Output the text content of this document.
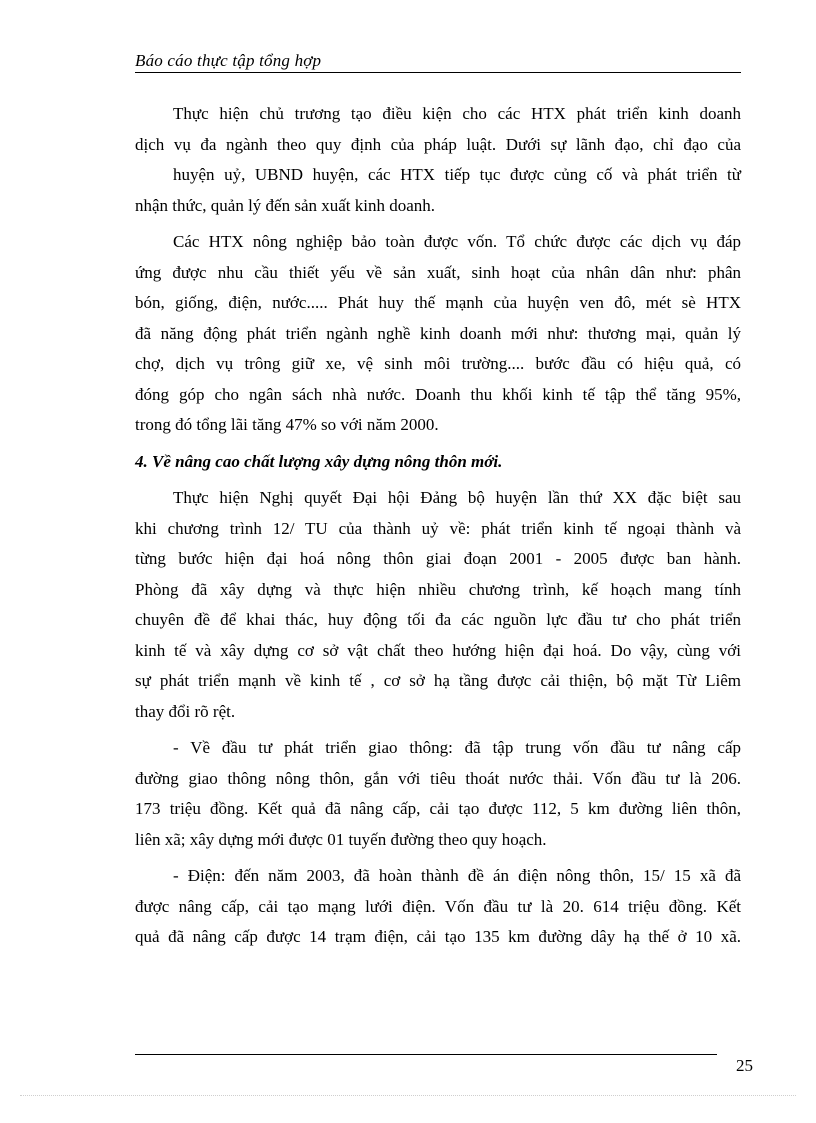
Báo cáo thực tập tổng hợp

Thực hiện chủ trương tạo điều kiện cho các HTX phát triển kinh doanh
dịch vụ đa ngành theo quy định của pháp luật. Dưới sự lãnh đạo, chỉ đạo của
huyện uỷ, UBND huyện, các HTX tiếp tục được củng cố và phát triển từ
nhận thức, quản lý đến sản xuất kinh doanh.

Các HTX nông nghiệp bảo toàn được vốn. Tổ chức được các dịch vụ đáp
ứng được nhu cầu thiết yếu về sản xuất, sinh hoạt của nhân dân như: phân
bón, giống, điện, nước..... Phát huy thế mạnh của huyện ven đô, mét sè HTX
đã năng động phát triển ngành nghề kinh doanh mới như: thương mại, quản lý
chợ, dịch vụ trông giữ xe, vệ sinh môi trường.... bước đầu có hiệu quả, có
đóng góp cho ngân sách nhà nước. Doanh thu khối kinh tế tập thể tăng 95%,
trong đó tổng lãi tăng 47% so với năm 2000.

4. Về nâng cao chất lượng xây dựng nông thôn mới.

Thực hiện Nghị quyết Đại hội Đảng bộ huyện lần thứ XX đặc biệt sau
khi chương trình 12/ TU của thành uỷ về: phát triển kinh tế ngoại thành và
từng bước hiện đại hoá nông thôn giai đoạn 2001 - 2005 được ban hành.
Phòng đã xây dựng và thực hiện nhiều chương trình, kế hoạch mang tính
chuyên đề để khai thác, huy động tối đa các nguồn lực đầu tư cho phát triển
kinh tế và xây dựng cơ sở vật chất theo hướng hiện đại hoá. Do vậy, cùng với
sự phát triển mạnh về kinh tế , cơ sở hạ tầng được cải thiện, bộ mặt Từ Liêm
thay đổi rõ rệt.

- Về đầu tư phát triển giao thông: đã tập trung vốn đầu tư nâng cấp
đường giao thông nông thôn, gắn với tiêu thoát nước thải. Vốn đầu tư là 206.
173 triệu đồng. Kết quả đã nâng cấp, cải tạo được 112, 5 km đường liên thôn,
liên xã; xây dựng mới được 01 tuyến đường theo quy hoạch.

- Điện: đến năm 2003, đã hoàn thành đề án điện nông thôn, 15/ 15 xã đã
được nâng cấp, cải tạo mạng lưới điện. Vốn đầu tư là 20. 614 triệu đồng. Kết
quả đã nâng cấp được 14 trạm điện, cải tạo 135 km đường dây hạ thế ở 10 xã.

25
